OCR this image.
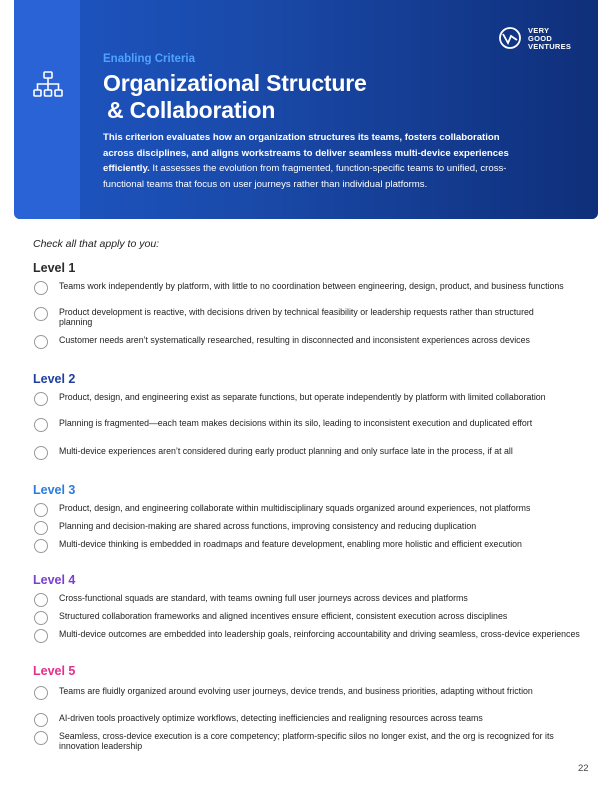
VERY
GOOD
VENTURES
Enabling Criteria
Organizational Structure
& Collaboration
This criterion evaluates how an organization structures its teams, fosters collaboration across disciplines, and aligns workstreams to deliver seamless multi-device experiences efficiently. It assesses the evolution from fragmented, function-specific teams to unified, cross-functional teams that focus on user journeys rather than individual platforms.
Check all that apply to you:
Level 1
Teams work independently by platform, with little to no coordination between engineering, design, product, and business functions
Product development is reactive, with decisions driven by technical feasibility or leadership requests rather than structured planning
Customer needs aren’t systematically researched, resulting in disconnected and inconsistent experiences across devices
Level 2
Product, design, and engineering exist as separate functions, but operate independently by platform with limited collaboration
Planning is fragmented—each team makes decisions within its silo, leading to inconsistent execution and duplicated effort
Multi-device experiences aren’t considered during early product planning and only surface late in the process, if at all
Level 3
Product, design, and engineering collaborate within multidisciplinary squads organized around experiences, not platforms
Planning and decision-making are shared across functions, improving consistency and reducing duplication
Multi-device thinking is embedded in roadmaps and feature development, enabling more holistic and efficient execution
Level 4
Cross-functional squads are standard, with teams owning full user journeys across devices and platforms
Structured collaboration frameworks and aligned incentives ensure efficient, consistent execution across disciplines
Multi-device outcomes are embedded into leadership goals, reinforcing accountability and driving seamless, cross-device experiences
Level 5
Teams are fluidly organized around evolving user journeys, device trends, and business priorities, adapting without friction
AI-driven tools proactively optimize workflows, detecting inefficiencies and realigning resources across teams
Seamless, cross-device execution is a core competency; platform-specific silos no longer exist, and the org is recognized for its innovation leadership
22
